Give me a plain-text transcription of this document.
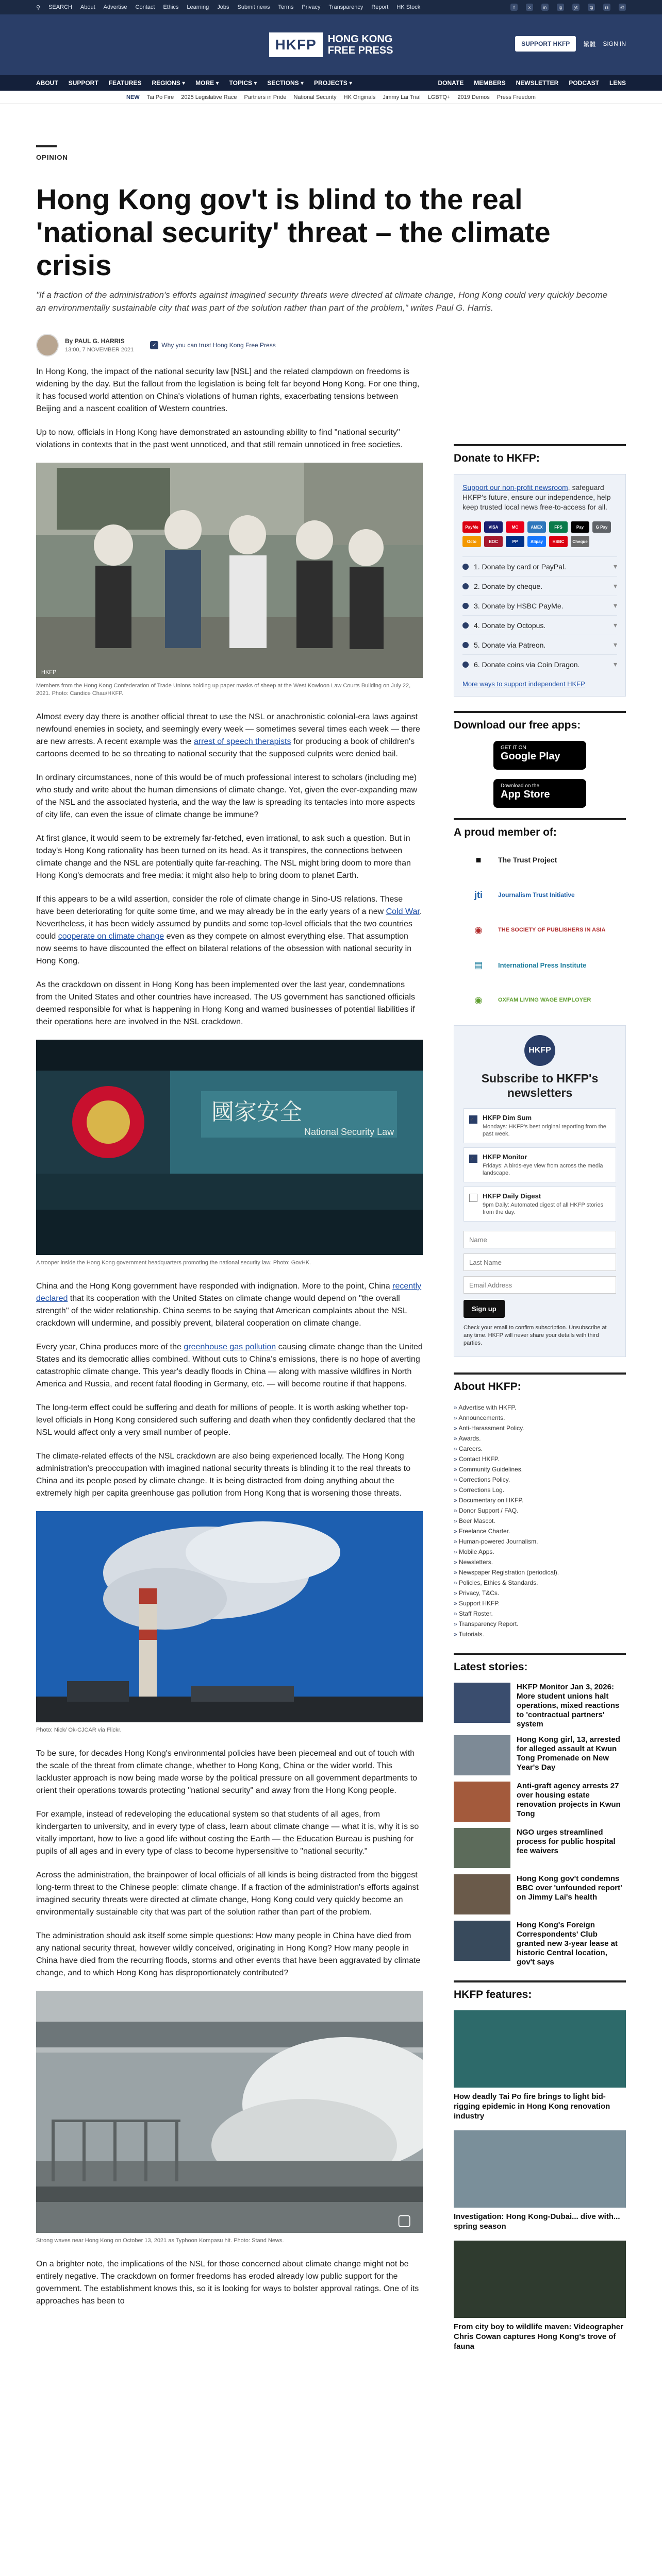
⚲ SEARCH About Advertise Contact Ethics Learning Jobs Submit news Terms Privacy Transparency Report HK Stock	f	x	in	ig	yt	tg	rs	@
HKFP	HONG KONG
FREE PRESS
SUPPORT HKFP	繁體 SIGN IN
ABOUT SUPPORT FEATURES REGIONS ▾ MORE ▾ TOPICS ▾ SECTIONS ▾ PROJECTS ▾	DONATE MEMBERS NEWSLETTER PODCAST LENS
NEW Tai Po Fire 2025 Legislative Race Partners in Pride National Security HK Originals Jimmy Lai Trial LGBTQ+ 2019 Demos Press Freedom
OPINION
Hong Kong gov't is blind to the real 'national security' threat – the climate crisis
"If a fraction of the administration's efforts against imagined security threats were directed at climate change, Hong Kong could very quickly become an environmentally sustainable city that was part of the solution rather than part of the problem," writes Paul G. Harris.
By PAUL G. HARRIS
13:00, 7 NOVEMBER 2021
✓ Why you can trust Hong Kong Free Press

In Hong Kong, the impact of the national security law [NSL] and the related clampdown on freedoms is widening by the day. But the fallout from the legislation is being felt far beyond Hong Kong. For one thing, it has focused world attention on China's violations of human rights, exacerbating tensions between Beijing and a nascent coalition of Western countries.

Up to now, officials in Hong Kong have demonstrated an astounding ability to find "national security" violations in contexts that in the past went unnoticed, and that still remain unnoticed in free societies.

HKFP
Members from the Hong Kong Confederation of Trade Unions holding up paper masks of sheep at the West Kowloon Law Courts Building on July 22, 2021. Photo: Candice Chau/HKFP.

Almost every day there is another official threat to use the NSL or anachronistic colonial-era laws against newfound enemies in society, and seemingly every week — sometimes several times each week — there are new arrests. A recent example was the arrest of speech therapists for producing a book of children's cartoons deemed to be so threating to national security that the supposed culprits were denied bail.

In ordinary circumstances, none of this would be of much professional interest to scholars (including me) who study and write about the human dimensions of climate change. Yet, given the ever-expanding maw of the NSL and the associated hysteria, and the way the law is spreading its tentacles into more aspects of city life, can even the issue of climate change be immune?

At first glance, it would seem to be extremely far-fetched, even irrational, to ask such a question. But in today's Hong Kong rationality has been turned on its head. As it transpires, the connections between climate change and the NSL are potentially quite far-reaching. The NSL might bring doom to more than Hong Kong's democrats and free media: it might also help to bring doom to planet Earth.

If this appears to be a wild assertion, consider the role of climate change in Sino-US relations. These have been deteriorating for quite some time, and we may already be in the early years of a new Cold War. Nevertheless, it has been widely assumed by pundits and some top-level officials that the two countries could cooperate on climate change even as they compete on almost everything else. That assumption now seems to have discounted the effect on bilateral relations of the obsession with national security in Hong Kong.

As the crackdown on dissent in Hong Kong has been implemented over the last year, condemnations from the United States and other countries have increased. The US government has sanctioned officials deemed responsible for what is happening in Hong Kong and warned businesses of potential liabilities if their operations here are involved in the NSL crackdown.

國家安全
National Security Law
A trooper inside the Hong Kong government headquarters promoting the national security law. Photo: GovHK.

China and the Hong Kong government have responded with indignation. More to the point, China recently declared that its cooperation with the United States on climate change would depend on "the overall strength" of the wider relationship. China seems to be saying that American complaints about the NSL crackdown will undermine, and possibly prevent, bilateral cooperation on climate change.

Every year, China produces more of the greenhouse gas pollution causing climate change than the United States and its democratic allies combined. Without cuts to China's emissions, there is no hope of averting catastrophic climate change. This year's deadly floods in China — along with massive wildfires in North America and Russia, and recent fatal flooding in Germany, etc. — will become routine if that happens.

The long-term effect could be suffering and death for millions of people. It is worth asking whether top-level officials in Hong Kong considered such suffering and death when they confidently declared that the NSL would affect only a very small number of people.

The climate-related effects of the NSL crackdown are also being experienced locally. The Hong Kong administration's preoccupation with imagined national security threats is blinding it to the real threats to China and its people posed by climate change. It is being distracted from doing anything about the extremely high per capita greenhouse gas pollution from Hong Kong that is worsening those threats.

Photo: Nick/ Ok-CJCAR via Flickr.

To be sure, for decades Hong Kong's environmental policies have been piecemeal and out of touch with the scale of the threat from climate change, whether to Hong Kong, China or the wider world. This lackluster approach is now being made worse by the political pressure on all government departments to orient their operations towards protecting "national security" and away from the Hong Kong people.

For example, instead of redeveloping the educational system so that students of all ages, from kindergarten to university, and in every type of class, learn about climate change — what it is, why it is so vitally important, how to live a good life without costing the Earth — the Education Bureau is pushing for pupils of all ages and in every type of class to become hypersensitive to "national security."

Across the administration, the brainpower of local officials of all kinds is being distracted from the biggest long-term threat to the Chinese people: climate change. If a fraction of the administration's efforts against imagined security threats were directed at climate change, Hong Kong could very quickly become an environmentally sustainable city that was part of the solution rather than part of the problem.

The administration should ask itself some simple questions: How many people in China have died from any national security threat, however wildly conceived, originating in Hong Kong? How many people in China have died from the recurring floods, storms and other events that have been aggravated by climate change, and to which Hong Kong has disproportionately contributed?

▢
Strong waves near Hong Kong on October 13, 2021 as Typhoon Kompasu hit. Photo: Stand News.

On a brighter note, the implications of the NSL for those concerned about climate change might not be entirely negative. The crackdown on former freedoms has eroded already low public support for the government. The establishment knows this, so it is looking for ways to bolster approval ratings. One of its approaches has been to

Donate to HKFP:

Support our non-profit newsroom, safeguard HKFP's future, ensure our independence, help keep trusted local news free-to-access for all.

PayMe	VISA	MC	AMEX	FPS	Pay	G Pay
Octo	BOC	PP	Alipay	HSBC	Cheque
1. Donate by card or PayPal.	▾
2. Donate by cheque.	▾
3. Donate by HSBC PayMe.	▾
4. Donate by Octopus.	▾
5. Donate via Patreon.	▾
6. Donate coins via Coin Dragon.	▾
More ways to support independent HKFP
Download our free apps:
GET IT ON
Google Play
Download on the
App Store
A proud member of:
■	The Trust Project
jti	Journalism Trust Initiative
◉	THE SOCIETY OF PUBLISHERS IN ASIA
▤	International Press Institute
◉	OXFAM LIVING WAGE EMPLOYER
HKFP
Subscribe to HKFP's newsletters
✓	HKFP Dim Sum
Mondays: HKFP's best original reporting from the past week.
✓	HKFP Monitor
Fridays: A birds-eye view from across the media landscape.
HKFP Daily Digest
9pm Daily: Automated digest of all HKFP stories from the day.
Name Last Name Email Address Sign up
Check your email to confirm subscription. Unsubscribe at any time. HKFP will never share your details with third parties.
About HKFP:
» Advertise with HKFP.
» Announcements.
» Anti-Harassment Policy.
» Awards.
» Careers.
» Contact HKFP.
» Community Guidelines.
» Corrections Policy.
» Corrections Log.
» Documentary on HKFP.
» Donor Support / FAQ.
» Beer Mascot.
» Freelance Charter.
» Human-powered Journalism.
» Mobile Apps.
» Newsletters.
» Newspaper Registration (periodical).
» Policies, Ethics & Standards.
» Privacy, T&Cs.
» Support HKFP.
» Staff Roster.
» Transparency Report.
» Tutorials.
Latest stories:
HKFP Monitor Jan 3, 2026: More student unions halt operations, mixed reactions to 'contractual partners' system
Hong Kong girl, 13, arrested for alleged assault at Kwun Tong Promenade on New Year's Day
Anti-graft agency arrests 27 over housing estate renovation projects in Kwun Tong
NGO urges streamlined process for public hospital fee waivers
Hong Kong gov't condemns BBC over 'unfounded report' on Jimmy Lai's health
Hong Kong's Foreign Correspondents' Club granted new 3-year lease at historic Central location, gov't says
HKFP features:
How deadly Tai Po fire brings to light bid-rigging epidemic in Hong Kong renovation industry
Investigation: Hong Kong-Dubai... dive with... spring season
From city boy to wildlife maven: Videographer Chris Cowan captures Hong Kong's trove of fauna
